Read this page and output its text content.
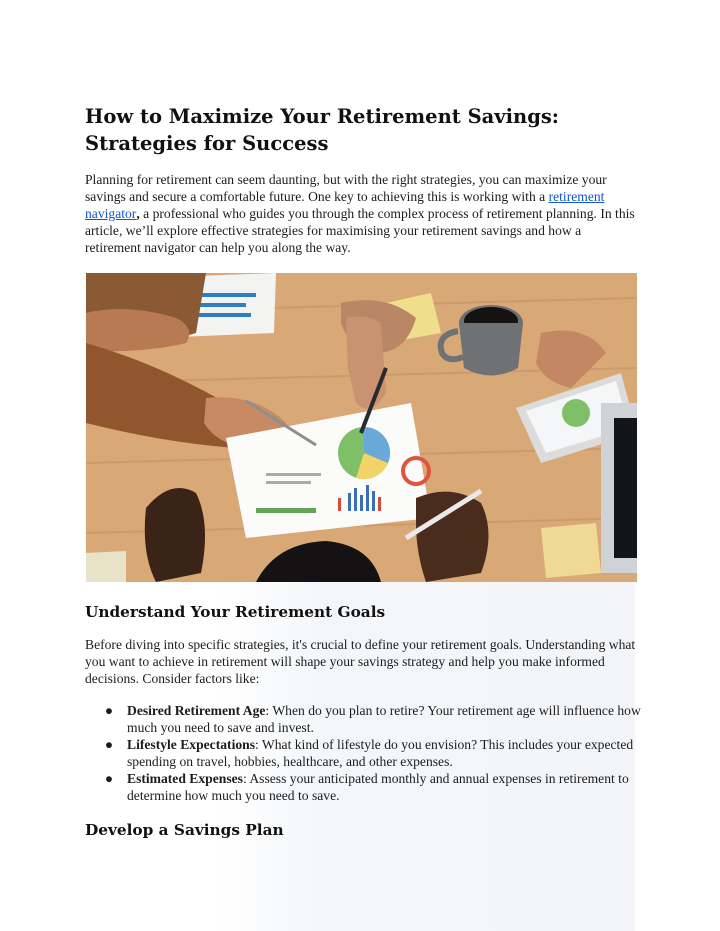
How to Maximize Your Retirement Savings:
Strategies for Success

Planning for retirement can seem daunting, but with the right strategies, you can maximize your savings and secure a comfortable future. One key to achieving this is working with a retirement navigator, a professional who guides you through the complex process of retirement planning. In this article, we’ll explore effective strategies for maximising your retirement savings and how a retirement navigator can help you along the way.

Understand Your Retirement Goals

Before diving into specific strategies, it's crucial to define your retirement goals. Understanding what you want to achieve in retirement will shape your savings strategy and help you make informed decisions. Consider factors like:

● Desired Retirement Age: When do you plan to retire? Your retirement age will influence how much you need to save and invest.
● Lifestyle Expectations: What kind of lifestyle do you envision? This includes your expected spending on travel, hobbies, healthcare, and other expenses.
● Estimated Expenses: Assess your anticipated monthly and annual expenses in retirement to determine how much you need to save.
Develop a Savings Plan
